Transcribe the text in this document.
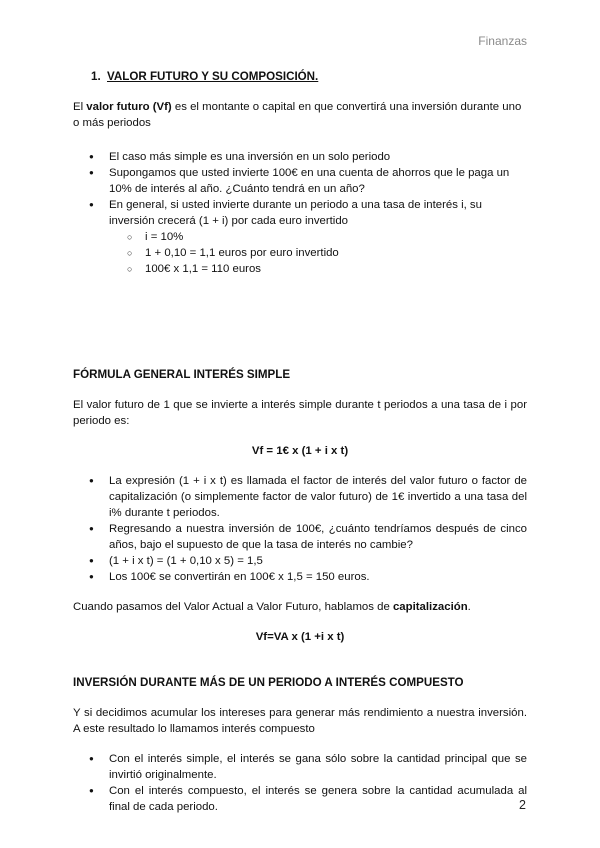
Finanzas

1. VALOR FUTURO Y SU COMPOSICIÓN.

El valor futuro (Vf) es el montante o capital en que convertirá una inversión durante uno o más periodos

● El caso más simple es una inversión en un solo periodo
● Supongamos que usted invierte 100€ en una cuenta de ahorros que le paga un 10% de interés al año. ¿Cuánto tendrá en un año?
● En general, si usted invierte durante un periodo a una tasa de interés i, su inversión crecerá (1 + i) por cada euro invertido
○ i = 10%
○ 1 + 0,10 = 1,1 euros por euro invertido
○ 100€ x 1,1 = 110 euros

FÓRMULA GENERAL INTERÉS SIMPLE

El valor futuro de 1 que se invierte a interés simple durante t periodos a una tasa de i por periodo es:

Vf = 1€ x (1 + i x t)

● La expresión (1 + i x t) es llamada el factor de interés del valor futuro o factor de capitalización (o simplemente factor de valor futuro) de 1€ invertido a una tasa del i% durante t periodos.
● Regresando a nuestra inversión de 100€, ¿cuánto tendríamos después de cinco años, bajo el supuesto de que la tasa de interés no cambie?
● (1 + i x t) = (1 + 0,10 x 5) = 1,5
● Los 100€ se convertirán en 100€ x 1,5 = 150 euros.

Cuando pasamos del Valor Actual a Valor Futuro, hablamos de capitalización.

Vf=VA x (1 +i x t)

INVERSIÓN DURANTE MÁS DE UN PERIODO A INTERÉS COMPUESTO

Y si decidimos acumular los intereses para generar más rendimiento a nuestra inversión. A este resultado lo llamamos interés compuesto

● Con el interés simple, el interés se gana sólo sobre la cantidad principal que se invirtió originalmente.
● Con el interés compuesto, el interés se genera sobre la cantidad acumulada al final de cada periodo.	2
